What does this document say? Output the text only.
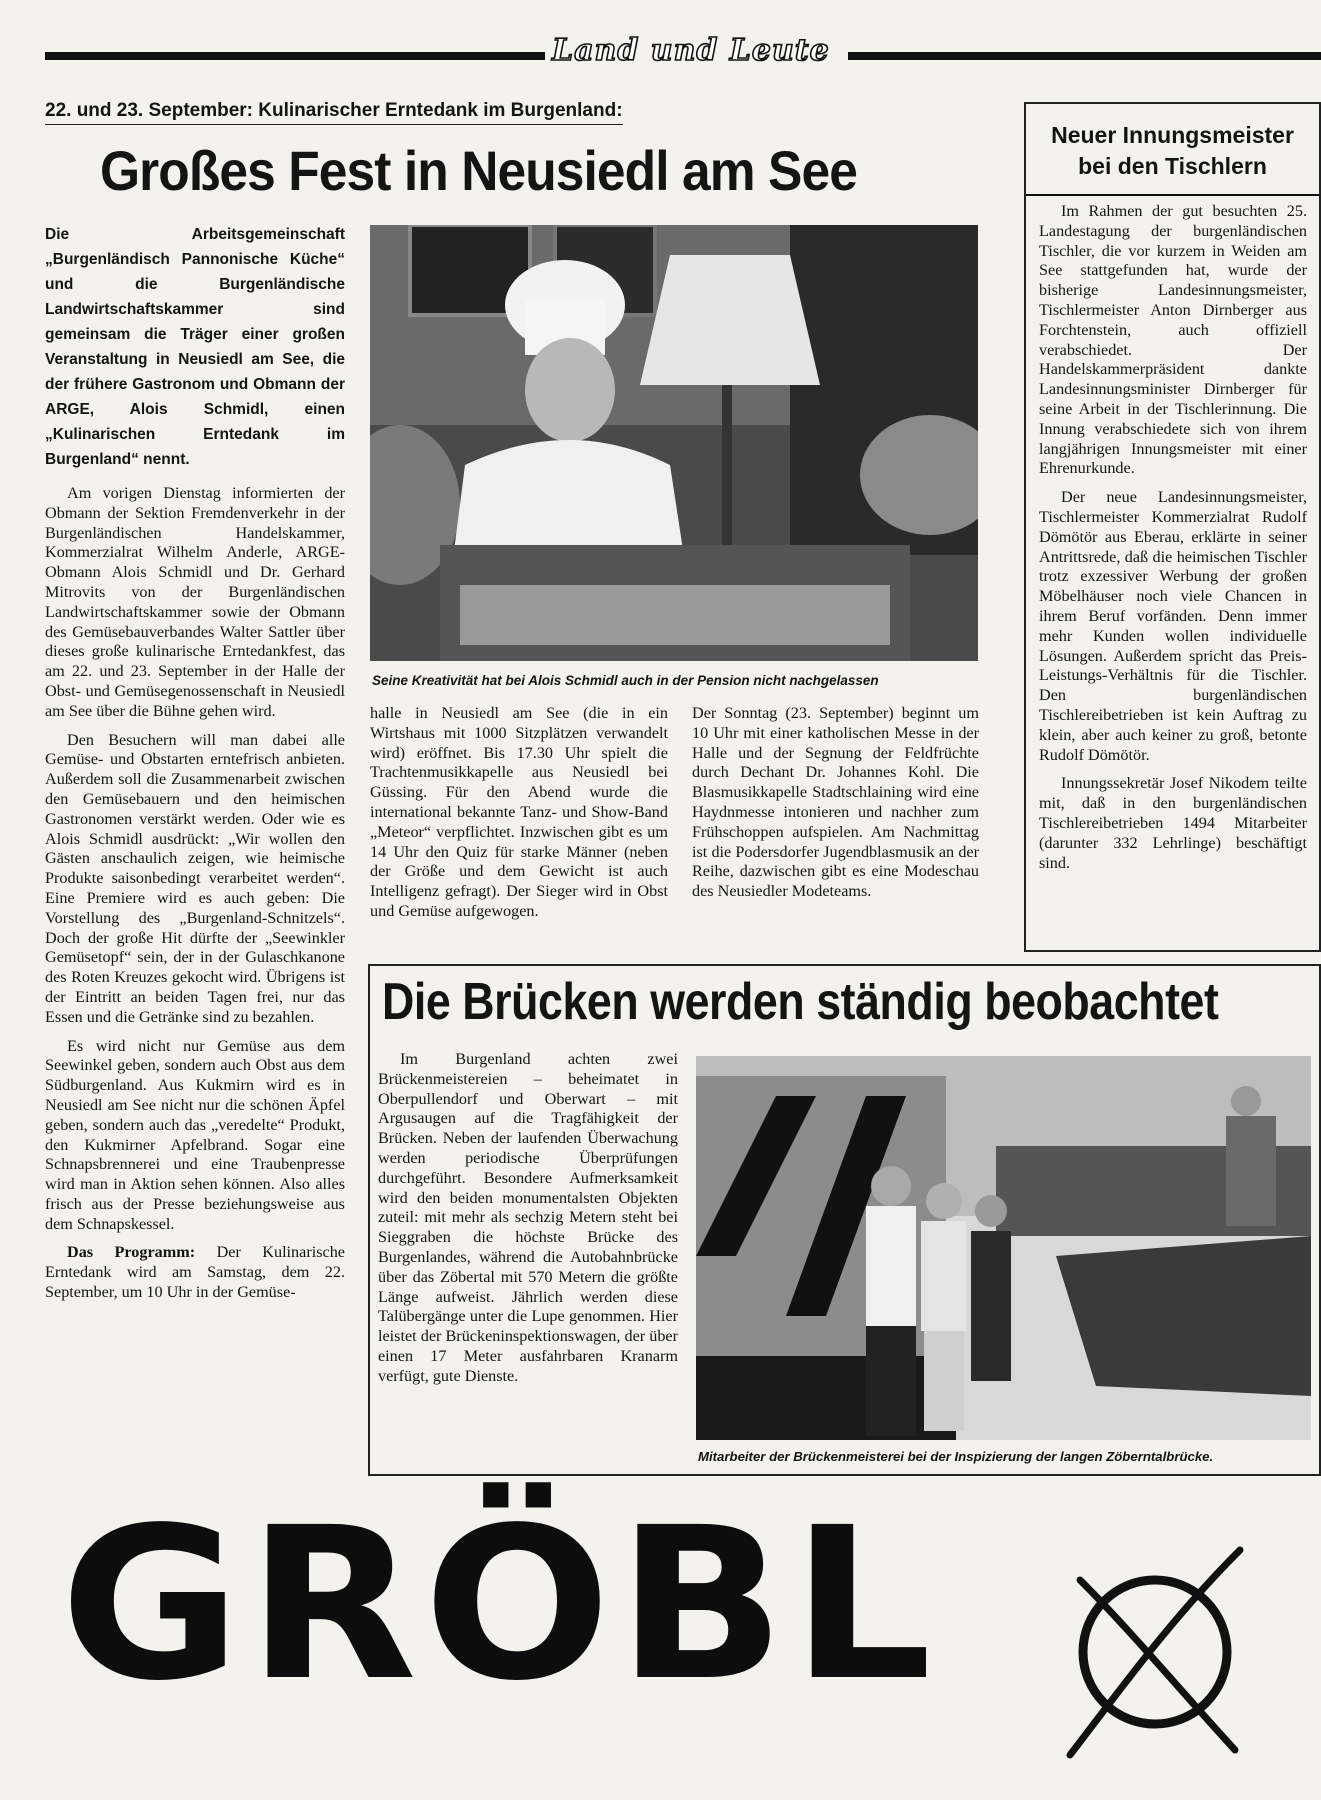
Land und Leute
22. und 23. September: Kulinarischer Erntedank im Burgenland:
Großes Fest in Neusiedl am See
Die Arbeitsgemeinschaft „Burgenländisch Pannonische Küche“ und die Burgenländische Landwirtschaftskammer sind gemeinsam die Träger einer großen Veranstaltung in Neusiedl am See, die der frühere Gastronom und Obmann der ARGE, Alois Schmidl, einen „Kulinarischen Erntedank im Burgenland“ nennt.

Am vorigen Dienstag informierten der Obmann der Sektion Fremdenverkehr in der Burgenländischen Handelskammer, Kommerzialrat Wilhelm Anderle, ARGE-Obmann Alois Schmidl und Dr. Gerhard Mitrovits von der Burgenländischen Landwirtschaftskammer sowie der Obmann des Gemüsebauverbandes Walter Sattler über dieses große kulinarische Erntedankfest, das am 22. und 23. September in der Halle der Obst- und Gemüsegenossenschaft in Neusiedl am See über die Bühne gehen wird.

Den Besuchern will man dabei alle Gemüse- und Obstarten erntefrisch anbieten. Außerdem soll die Zusammenarbeit zwischen den Gemüsebauern und den heimischen Gastronomen verstärkt werden. Oder wie es Alois Schmidl ausdrückt: „Wir wollen den Gästen anschaulich zeigen, wie heimische Produkte saisonbedingt verarbeitet werden“. Eine Premiere wird es auch geben: Die Vorstellung des „Burgenland-Schnitzels“. Doch der große Hit dürfte der „Seewinkler Gemüsetopf“ sein, der in der Gulaschkanone des Roten Kreuzes gekocht wird. Übrigens ist der Eintritt an beiden Tagen frei, nur das Essen und die Getränke sind zu bezahlen.

Es wird nicht nur Gemüse aus dem Seewinkel geben, sondern auch Obst aus dem Südburgenland. Aus Kukmirn wird es in Neusiedl am See nicht nur die schönen Äpfel geben, sondern auch das „veredelte“ Produkt, den Kukmirner Apfelbrand. Sogar eine Schnapsbrennerei und eine Traubenpresse wird man in Aktion sehen können. Also alles frisch aus der Presse beziehungsweise aus dem Schnapskessel.

Das Programm: Der Kulinarische Erntedank wird am Samstag, dem 22. September, um 10 Uhr in der Gemüse-

Seine Kreativität hat bei Alois Schmidl auch in der Pension nicht nachgelassen
halle in Neusiedl am See (die in ein Wirtshaus mit 1000 Sitzplätzen verwandelt wird) eröffnet. Bis 17.30 Uhr spielt die Trachtenmusikkapelle aus Neusiedl bei Güssing. Für den Abend wurde die international bekannte Tanz- und Show-Band „Meteor“ verpflichtet. Inzwischen gibt es um 14 Uhr den Quiz für starke Männer (neben der Größe und dem Gewicht ist auch Intelligenz gefragt). Der Sieger wird in Obst und Gemüse aufgewogen.
Der Sonntag (23. September) beginnt um 10 Uhr mit einer katholischen Messe in der Halle und der Segnung der Feldfrüchte durch Dechant Dr. Johannes Kohl. Die Blasmusikkapelle Stadtschlaining wird eine Haydnmesse intonieren und nachher zum Frühschoppen aufspielen. Am Nachmittag ist die Podersdorfer Jugendblasmusik an der Reihe, dazwischen gibt es eine Modeschau des Neusiedler Modeteams.
Neuer Innungsmeister bei den Tischlern

Im Rahmen der gut besuchten 25. Landestagung der burgenländischen Tischler, die vor kurzem in Weiden am See stattgefunden hat, wurde der bisherige Landesinnungsmeister, Tischlermeister Anton Dirnberger aus Forchtenstein, auch offiziell verabschiedet. Der Handelskammerpräsident dankte Landesinnungsminister Dirnberger für seine Arbeit in der Tischlerinnung. Die Innung verabschiedete sich von ihrem langjährigen Innungsmeister mit einer Ehrenurkunde.

Der neue Landesinnungsmeister, Tischlermeister Kommerzialrat Rudolf Dömötör aus Eberau, erklärte in seiner Antrittsrede, daß die heimischen Tischler trotz exzessiver Werbung der großen Möbelhäuser noch viele Chancen in ihrem Beruf vorfänden. Denn immer mehr Kunden wollen individuelle Lösungen. Außerdem spricht das Preis-Leistungs-Verhältnis für die Tischler. Den burgenländischen Tischlereibetrieben ist kein Auftrag zu klein, aber auch keiner zu groß, betonte Rudolf Dömötör.

Innungssekretär Josef Nikodem teilte mit, daß in den burgenländischen Tischlereibetrieben 1494 Mitarbeiter (darunter 332 Lehrlinge) beschäftigt sind.

Die Brücken werden ständig beobachtet

Im Burgenland achten zwei Brückenmeistereien – beheimatet in Oberpullendorf und Oberwart – mit Argusaugen auf die Tragfähigkeit der Brücken. Neben der laufenden Überwachung werden periodische Überprüfungen durchgeführt. Besondere Aufmerksamkeit wird den beiden monumentalsten Objekten zuteil: mit mehr als sechzig Metern steht bei Sieggraben die höchste Brücke des Burgenlandes, während die Autobahnbrücke über das Zöbertal mit 570 Metern die größte Länge aufweist. Jährlich werden diese Talübergänge unter die Lupe genommen. Hier leistet der Brückeninspektionswagen, der über einen 17 Meter ausfahrbaren Kranarm verfügt, gute Dienste.

Mitarbeiter der Brückenmeisterei bei der Inspizierung der langen Zöberntalbrücke.
GRÖBL
